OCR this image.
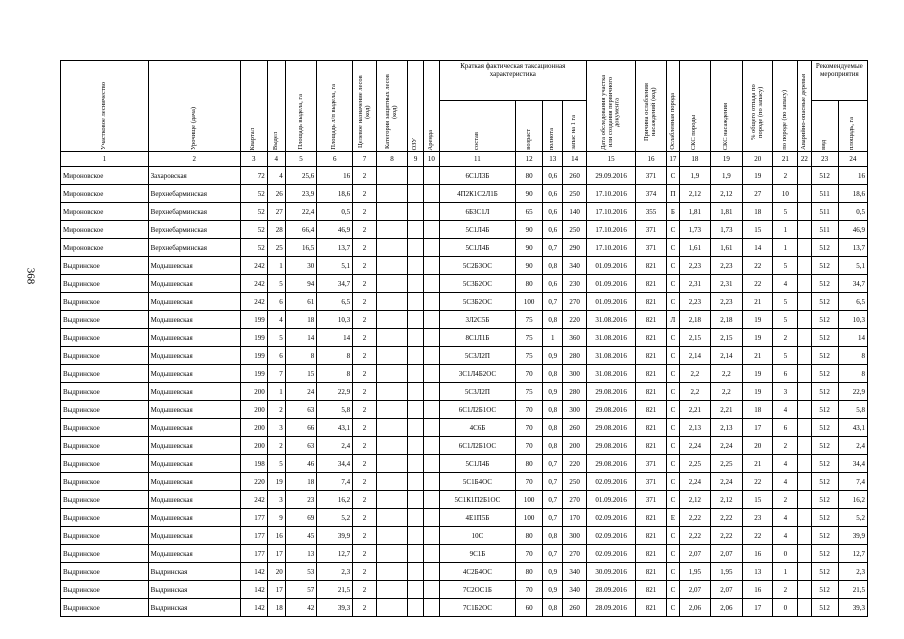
368
Участковое лесничество	Урочище (дача)	Квартал	Выдел	Площадь выдела, га	Площадь л/п выдела, га	Целевое назначение лесов (код)	Категория защитных лесов (код)	ОЗУ	Аренда	Краткая фактическая таксационная характеристика				Дата обследования участка или создания первичного документа	Причина ослабления насаждений (код)	Ослабленная порода	СКС породы	СКС насаждения	% общего отпада по породе (по запасу)	по породе (по запасу)	Аварийно-опасные деревья	Рекомендуемые мероприятия	

										состав	возраст	полнота	запас на 1 га									вид	площадь, га

1	2	3	4	5	6	7	8	9	10	11	12	13	14	15	16	17	18	19	20	21	22	23	24
Мироновское	Захаровская	72	4	25,6	16	2				6С1Л3Б	80	0,6	260	29.09.2016	371	С	1,9	1,9	19	2		512	16
Мироновское	Верхнебарминская	52	26	23,9	18,6	2				4П2К1С2Л1Б	90	0,6	250	17.10.2016	374	П	2,12	2,12	27	10		511	18,6
Мироновское	Верхнебарминская	52	27	22,4	0,5	2				6Б3С1Л	65	0,6	140	17.10.2016	355	Б	1,81	1,81	18	5		511	0,5
Мироновское	Верхнебарминская	52	28	66,4	46,9	2				5С1Л4Б	90	0,6	250	17.10.2016	371	С	1,73	1,73	15	1		511	46,9
Мироновское	Верхнебарминская	52	25	16,5	13,7	2				5С1Л4Б	90	0,7	290	17.10.2016	371	С	1,61	1,61	14	1		512	13,7
Выдринское	Модышевская	242	1	30	5,1	2				5С2Б3ОС	90	0,8	340	01.09.2016	821	С	2,23	2,23	22	5		512	5,1
Выдринское	Модышевская	242	5	94	34,7	2				5С3Б2ОС	80	0,6	230	01.09.2016	821	С	2,31	2,31	22	4		512	34,7
Выдринское	Модышевская	242	6	61	6,5	2				5С3Б2ОС	100	0,7	270	01.09.2016	821	С	2,23	2,23	21	5		512	6,5
Выдринское	Модышевская	199	4	18	10,3	2				3Л2С5Б	75	0,8	220	31.08.2016	821	Л	2,18	2,18	19	5		512	10,3
Выдринское	Модышевская	199	5	14	14	2				8С1Л1Б	75	1	360	31.08.2016	821	С	2,15	2,15	19	2		512	14
Выдринское	Модышевская	199	6	8	8	2				5С3Л2П	75	0,9	280	31.08.2016	821	С	2,14	2,14	21	5		512	8
Выдринское	Модышевская	199	7	15	8	2				3С1Л4Б2ОС	70	0,8	300	31.08.2016	821	С	2,2	2,2	19	6		512	8
Выдринское	Модышевская	200	1	24	22,9	2				5С3Л2П	75	0,9	280	29.08.2016	821	С	2,2	2,2	19	3		512	22,9
Выдринское	Модышевская	200	2	63	5,8	2				6С1Л2Б1ОС	70	0,8	300	29.08.2016	821	С	2,21	2,21	18	4		512	5,8
Выдринское	Модышевская	200	3	66	43,1	2				4С6Б	70	0,8	260	29.08.2016	821	С	2,13	2,13	17	6		512	43,1
Выдринское	Модышевская	200	2	63	2,4	2				6С1Л2Б1ОС	70	0,8	200	29.08.2016	821	С	2,24	2,24	20	2		512	2,4
Выдринское	Модышевская	198	5	46	34,4	2				5С1Л4Б	80	0,7	220	29.08.2016	371	С	2,25	2,25	21	4		512	34,4
Выдринское	Модышевская	220	19	18	7,4	2				5С1Б4ОС	70	0,7	250	02.09.2016	371	С	2,24	2,24	22	4		512	7,4
Выдринское	Модышевская	242	3	23	16,2	2				5С1К1П2Б1ОС	100	0,7	270	01.09.2016	371	С	2,12	2,12	15	2		512	16,2
Выдринское	Модышевская	177	9	69	5,2	2				4Е1П5Б	100	0,7	170	02.09.2016	821	Е	2,22	2,22	23	4		512	5,2
Выдринское	Модышевская	177	16	45	39,9	2				10С	80	0,8	300	02.09.2016	821	С	2,22	2,22	22	4		512	39,9
Выдринское	Модышевская	177	17	13	12,7	2				9С1Б	70	0,7	270	02.09.2016	821	С	2,07	2,07	16	0		512	12,7
Выдринское	Выдринская	142	20	53	2,3	2				4С2Б4ОС	80	0,9	340	30.09.2016	821	С	1,95	1,95	13	1		512	2,3
Выдринское	Выдринская	142	17	57	21,5	2				7С2ОС1Б	70	0,9	340	28.09.2016	821	С	2,07	2,07	16	2		512	21,5
Выдринское	Выдринская	142	18	42	39,3	2				7С1Б2ОС	60	0,8	260	28.09.2016	821	С	2,06	2,06	17	0		512	39,3
